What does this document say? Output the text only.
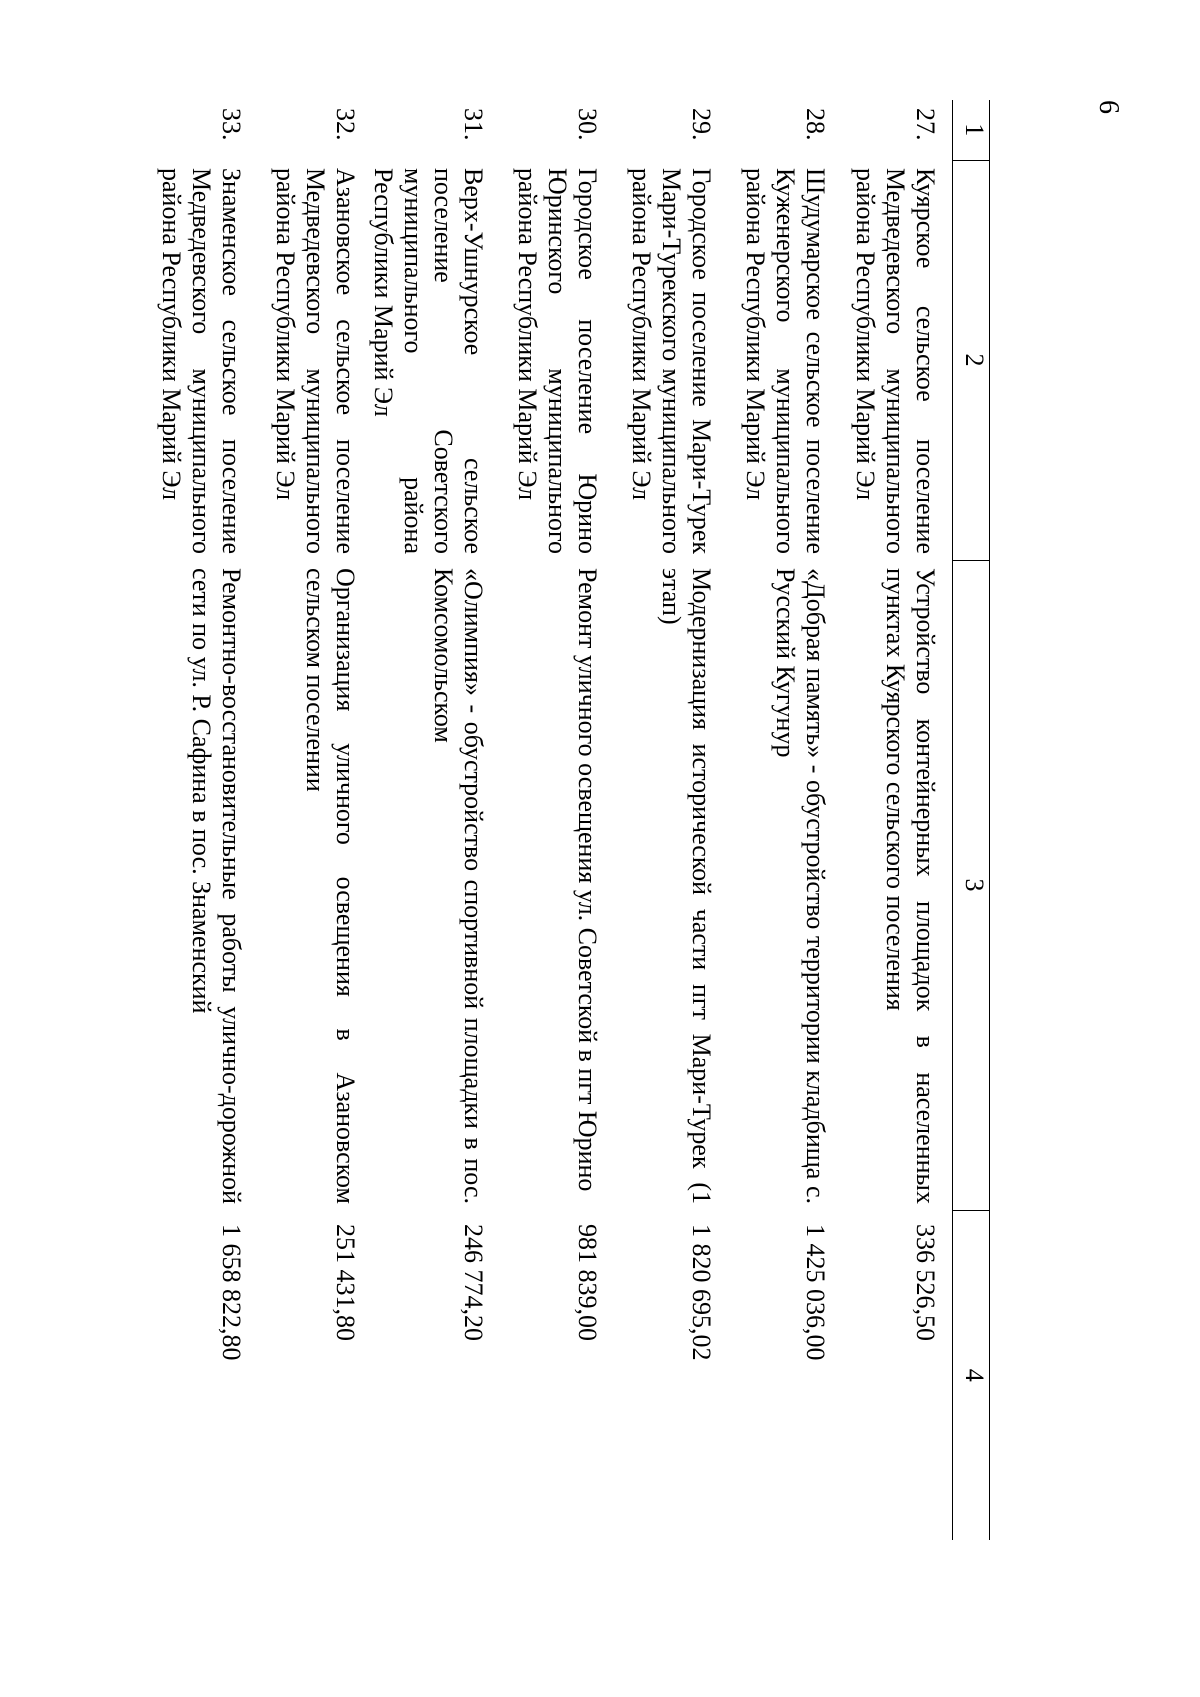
6
1	2	3	4
27.	Куярское сельское поселение Медведевского муниципального района Республики Марий Эл	Устройство контейнерных площадок в населенных пунктах Куярского сельского поселения	336 526,50
28.	Шудумарское сельское поселение Куженерского муниципального района Республики Марий Эл	«Добрая память» - обустройство территории кладбища с. Русский Кугунур	1 425 036,00
29.	Городское поселение Мари-Турек Мари-Турекского муниципального района Республики Марий Эл	Модернизация исторической части пгт Мари-Турек (1 этап)	1 820 695,02
30.	Городское поселение Юрино Юринского муниципального района Республики Марий Эл	Ремонт уличного освещения ул. Советской в пгт Юрино	981 839,00
31.	Верх-Ушнурское сельское поселение Советского муниципального района Республики Марий Эл	«Олимпия» - обустройство спортивной площадки в пос. Комсомольском	246 774,20
32.	Азановское сельское поселение Медведевского муниципального района Республики Марий Эл	Организация уличного освещения в Азановском сельском поселении	251 431,80
33.	Знаменское сельское поселение Медведевского муниципального района Республики Марий Эл	Ремонтно-восстановительные работы улично-дорожной сети по ул. Р. Сафина в пос. Знаменский	1 658 822,80
